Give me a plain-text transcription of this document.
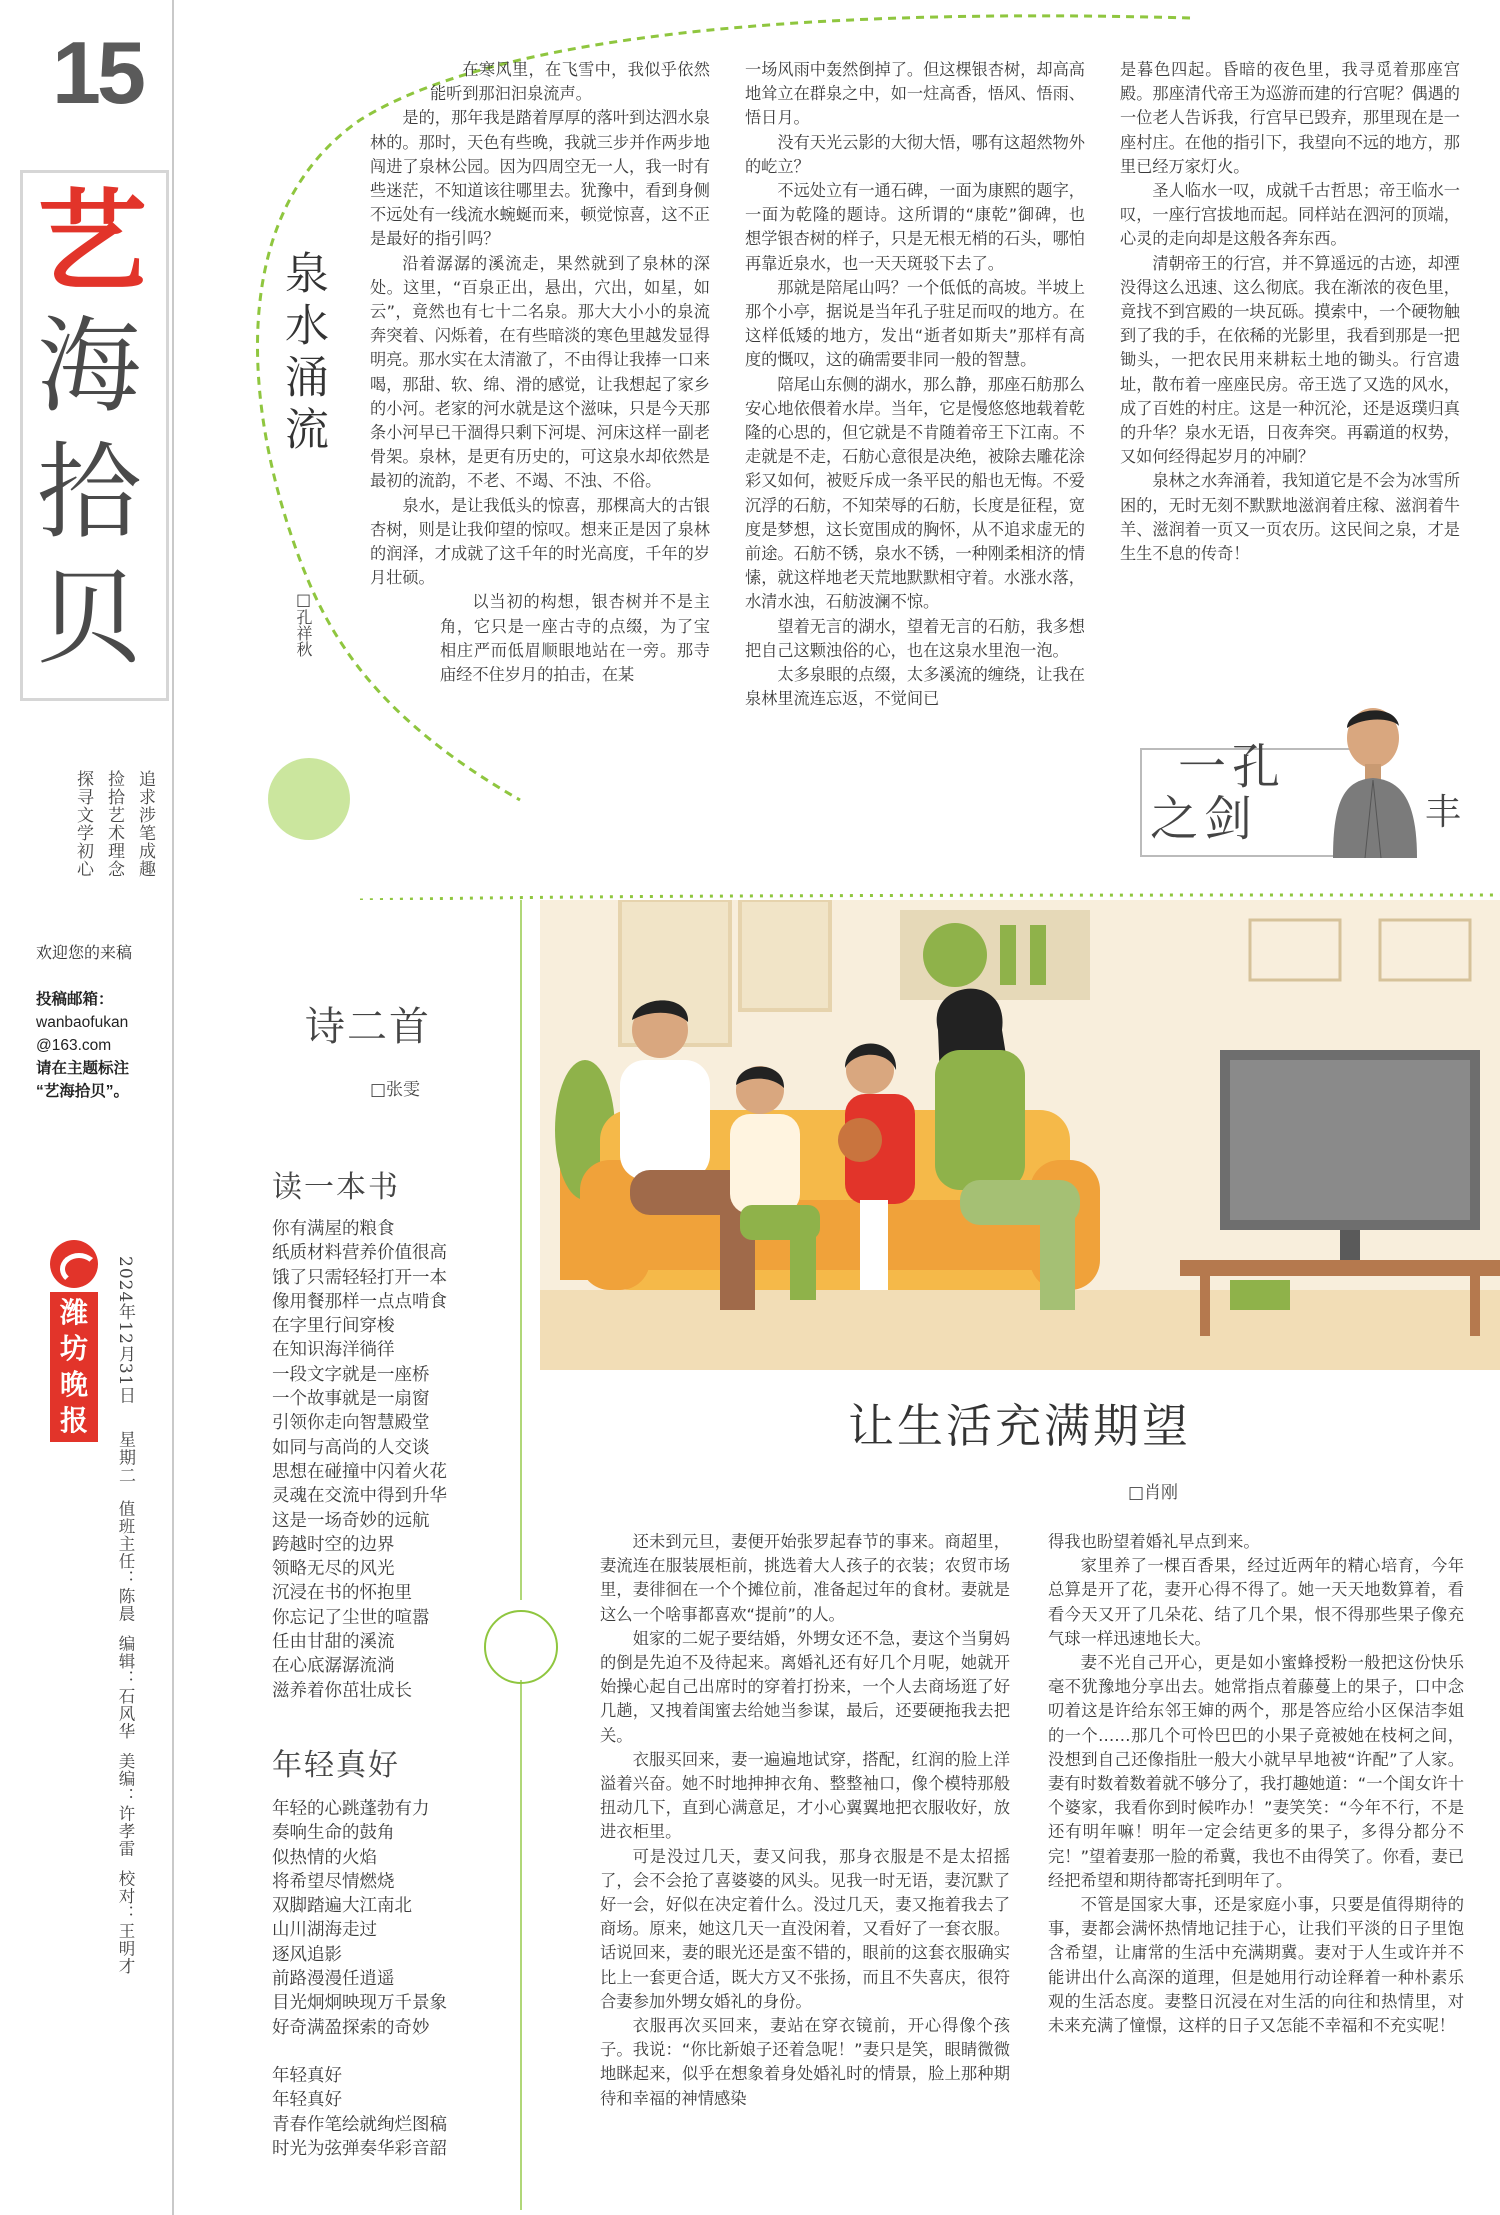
15
艺
海
拾
贝
追求涉笔成趣
捡拾艺术理念
探寻文学初心
欢迎您的来稿
投稿邮箱：
wanbaofukan
@163.com
请在主题标注
“艺海拾贝”。
潍
坊
晚
报
2024年12月31日星期二
值班主任：陈晨  编辑：石风华  美编：许孝雷  校对：王明才
泉水涌流
□孔祥秋
在寒风里，在飞雪中，我似乎依然能听到那汩汩泉流声。

是的，那年我是踏着厚厚的落叶到达泗水泉林的。那时，天色有些晚，我就三步并作两步地闯进了泉林公园。因为四周空无一人，我一时有些迷茫，不知道该往哪里去。犹豫中，看到身侧不远处有一线流水蜿蜒而来，顿觉惊喜，这不正是最好的指引吗？

沿着潺潺的溪流走，果然就到了泉林的深处。这里，“百泉正出，悬出，穴出，如星，如云”，竟然也有七十二名泉。那大大小小的泉流奔突着、闪烁着，在有些暗淡的寒色里越发显得明亮。那水实在太清澈了，不由得让我捧一口来喝，那甜、软、绵、滑的感觉，让我想起了家乡的小河。老家的河水就是这个滋味，只是今天那条小河早已干涸得只剩下河堤、河床这样一副老骨架。泉林，是更有历史的，可这泉水却依然是最初的流韵，不老、不竭、不浊、不俗。

泉水，是让我低头的惊喜，那棵高大的古银杏树，则是让我仰望的惊叹。想来正是因了泉林的润泽，才成就了这千年的时光高度，千年的岁月壮硕。

以当初的构想，银杏树并不是主角，它只是一座古寺的点缀，为了宝相庄严而低眉顺眼地站在一旁。那寺庙经不住岁月的拍击，在某

一场风雨中轰然倒掉了。但这棵银杏树，却高高地耸立在群泉之中，如一炷高香，悟风、悟雨、悟日月。

没有天光云影的大彻大悟，哪有这超然物外的屹立？

不远处立有一通石碑，一面为康熙的题字，一面为乾隆的题诗。这所谓的“康乾”御碑，也想学银杏树的样子，只是无根无梢的石头，哪怕再靠近泉水，也一天天斑驳下去了。

那就是陪尾山吗？一个低低的高坡。半坡上那个小亭，据说是当年孔子驻足而叹的地方。在这样低矮的地方，发出“逝者如斯夫”那样有高度的慨叹，这的确需要非同一般的智慧。

陪尾山东侧的湖水，那么静，那座石舫那么安心地依偎着水岸。当年，它是慢悠悠地载着乾隆的心思的，但它就是不肯随着帝王下江南。不走就是不走，石舫心意很是决绝，被除去雕花涂彩又如何，被贬斥成一条平民的船也无悔。不爱沉浮的石舫，不知荣辱的石舫，长度是征程，宽度是梦想，这长宽围成的胸怀，从不追求虚无的前途。石舫不锈，泉水不锈，一种刚柔相济的情愫，就这样地老天荒地默默相守着。水涨水落，水清水浊，石舫波澜不惊。

望着无言的湖水，望着无言的石舫，我多想把自己这颗浊俗的心，也在这泉水里泡一泡。

太多泉眼的点缀，太多溪流的缠绕，让我在泉林里流连忘返，不觉间已

是暮色四起。昏暗的夜色里，我寻觅着那座宫殿。那座清代帝王为巡游而建的行宫呢？偶遇的一位老人告诉我，行宫早已毁弃，那里现在是一座村庄。在他的指引下，我望向不远的地方，那里已经万家灯火。

圣人临水一叹，成就千古哲思；帝王临水一叹，一座行宫拔地而起。同样站在泗河的顶端，心灵的走向却是这般各奔东西。

清朝帝王的行宫，并不算遥远的古迹，却湮没得这么迅速、这么彻底。我在渐浓的夜色里，竟找不到宫殿的一块瓦砾。摸索中，一个硬物触到了我的手，在依稀的光影里，我看到那是一把锄头，一把农民用来耕耘土地的锄头。行宫遗址，散布着一座座民房。帝王选了又选的风水，成了百姓的村庄。这是一种沉沦，还是返璞归真的升华？泉水无语，日夜奔突。再霸道的权势，又如何经得起岁月的冲刷？

泉林之水奔涌着，我知道它是不会为冰雪所困的，无时无刻不默默地滋润着庄稼、滋润着牛羊、滋润着一页又一页农历。这民间之泉，才是生生不息的传奇！

一孔
之剑	丰
诗二首
□张雯
读一本书
你有满屋的粮食
纸质材料营养价值很高
饿了只需轻轻打开一本
像用餐那样一点点啃食
在字里行间穿梭
在知识海洋徜徉
一段文字就是一座桥
一个故事就是一扇窗
引领你走向智慧殿堂
如同与高尚的人交谈
思想在碰撞中闪着火花
灵魂在交流中得到升华
这是一场奇妙的远航
跨越时空的边界
领略无尽的风光
沉浸在书的怀抱里
你忘记了尘世的喧嚣
任由甘甜的溪流
在心底潺潺流淌
滋养着你茁壮成长
年轻真好
年轻的心跳蓬勃有力
奏响生命的鼓角
似热情的火焰
将希望尽情燃烧
双脚踏遍大江南北
山川湖海走过
逐风追影
前路漫漫任逍遥
目光炯炯映现万千景象
好奇满盈探索的奇妙
年轻真好
年轻真好
青春作笔绘就绚烂图稿
时光为弦弹奏华彩音韶
让生活充满期望
□肖刚

还未到元旦，妻便开始张罗起春节的事来。商超里，妻流连在服装展柜前，挑选着大人孩子的衣装；农贸市场里，妻徘徊在一个个摊位前，准备起过年的食材。妻就是这么一个啥事都喜欢“提前”的人。

姐家的二妮子要结婚，外甥女还不急，妻这个当舅妈的倒是先迫不及待起来。离婚礼还有好几个月呢，她就开始操心起自己出席时的穿着打扮来，一个人去商场逛了好几趟，又拽着闺蜜去给她当参谋，最后，还要硬拖我去把关。

衣服买回来，妻一遍遍地试穿，搭配，红润的脸上洋溢着兴奋。她不时地抻抻衣角、整整袖口，像个模特那般扭动几下，直到心满意足，才小心翼翼地把衣服收好，放进衣柜里。

可是没过几天，妻又问我，那身衣服是不是太招摇了，会不会抢了喜婆婆的风头。见我一时无语，妻沉默了好一会，好似在决定着什么。没过几天，妻又拖着我去了商场。原来，她这几天一直没闲着，又看好了一套衣服。话说回来，妻的眼光还是蛮不错的，眼前的这套衣服确实比上一套更合适，既大方又不张扬，而且不失喜庆，很符合妻参加外甥女婚礼的身份。

衣服再次买回来，妻站在穿衣镜前，开心得像个孩子。我说：“你比新娘子还着急呢！”妻只是笑，眼睛微微地眯起来，似乎在想象着身处婚礼时的情景，脸上那种期待和幸福的神情感染

得我也盼望着婚礼早点到来。

家里养了一棵百香果，经过近两年的精心培育，今年总算是开了花，妻开心得不得了。她一天天地数算着，看看今天又开了几朵花、结了几个果，恨不得那些果子像充气球一样迅速地长大。

妻不光自己开心，更是如小蜜蜂授粉一般把这份快乐毫不犹豫地分享出去。她常指点着藤蔓上的果子，口中念叨着这是许给东邻王婶的两个，那是答应给小区保洁李姐的一个……那几个可怜巴巴的小果子竟被她在枝柯之间，没想到自己还像指肚一般大小就早早地被“许配”了人家。妻有时数着数着就不够分了，我打趣她道：“一个闺女许十个婆家，我看你到时候咋办！”妻笑笑：“今年不行，不是还有明年嘛！明年一定会结更多的果子，多得分都分不完！”望着妻那一脸的希冀，我也不由得笑了。你看，妻已经把希望和期待都寄托到明年了。

不管是国家大事，还是家庭小事，只要是值得期待的事，妻都会满怀热情地记挂于心，让我们平淡的日子里饱含希望，让庸常的生活中充满期冀。妻对于人生或许并不能讲出什么高深的道理，但是她用行动诠释着一种朴素乐观的生活态度。妻整日沉浸在对生活的向往和热情里，对未来充满了憧憬，这样的日子又怎能不幸福和不充实呢！
